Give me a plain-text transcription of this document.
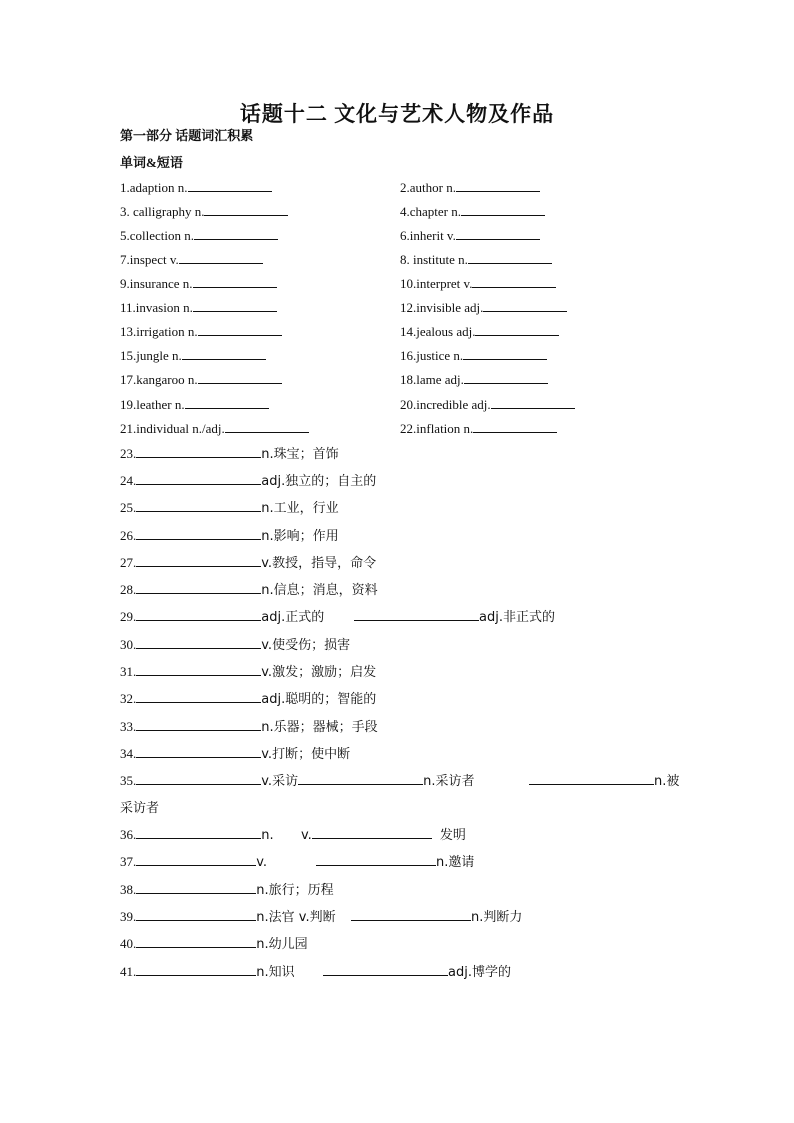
话题十二 文化与艺术人物及作品
第一部分 话题词汇积累
单词&短语
1.adaption n.	2.author n.
3. calligraphy n.	4.chapter n.
5.collection n.	6.inherit v.
7.inspect v.	8. institute n.
9.insurance n.	10.interpret v.
11.invasion n.	12.invisible adj.
13.irrigation n.	14.jealous adj.
15.jungle n.	16.justice n.
17.kangaroo n.	18.lame adj.
19.leather n.	20.incredible adj.
21.individual n./adj.	22.inflation n.
23.	n.珠宝；首饰
24.	adj.独立的；自主的
25.	n.工业，行业
26.	n.影响；作用
27.	v.教授，指导，命令
28.	n.信息；消息，资料
29.	adj.正式的	adj.非正式的
30.	v.使受伤；损害
31.	v.激发；激励；启发
32.	adj.聪明的；智能的
33.	n.乐器；器械；手段
34.	v.打断；使中断
35.	v.采访	n.采访者	n.被
采访者
36.	n. v.	发明
37.	v.	n.邀请
38.	n.旅行；历程
39.	n.法官 v.判断	n.判断力
40.	n.幼儿园
41.	n.知识	adj.博学的
